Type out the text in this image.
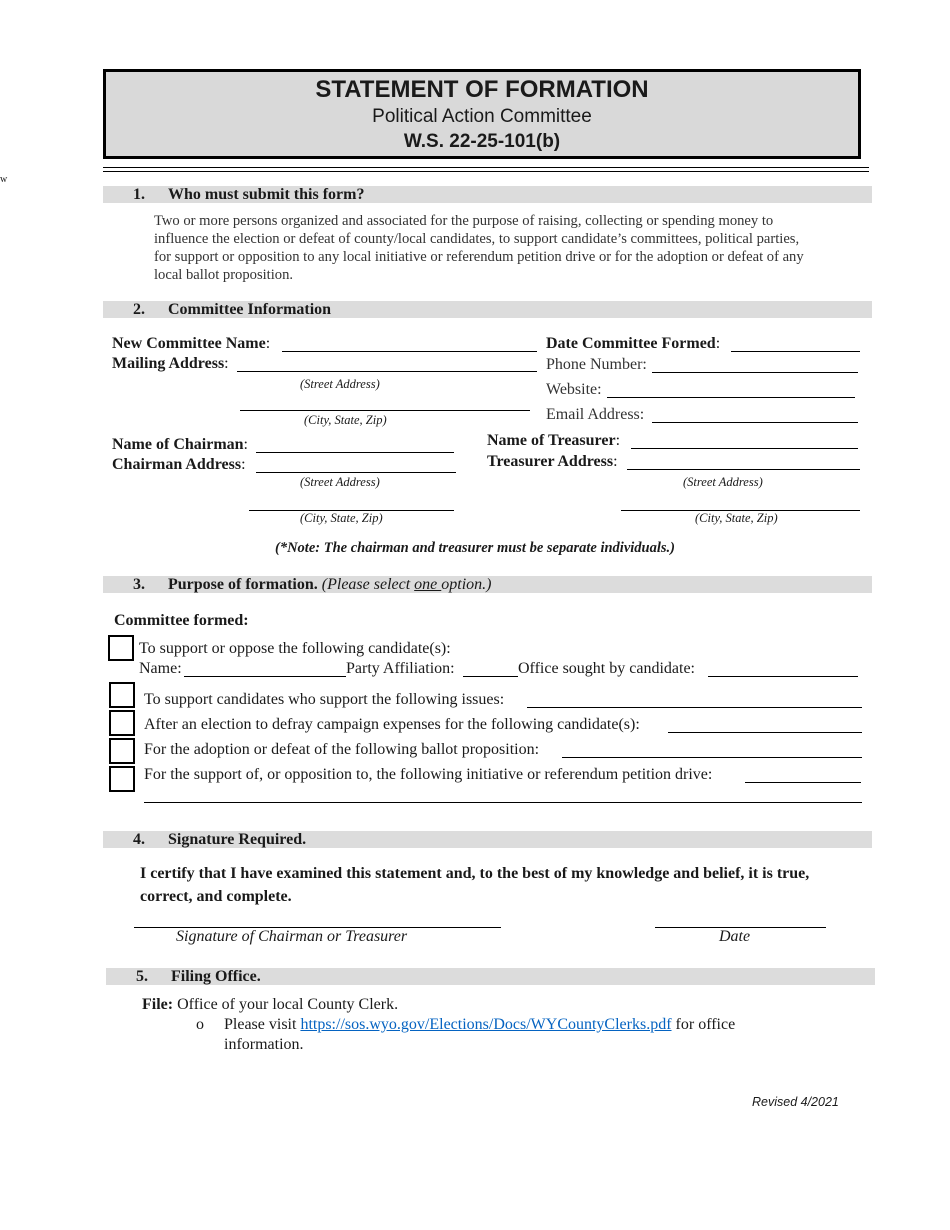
STATEMENT OF FORMATION
Political Action Committee
W.S. 22-25-101(b)
w
1. Who must submit this form?
Two or more persons organized and associated for the purpose of raising, collecting or spending money to influence the election or defeat of county/local candidates, to support candidate’s committees, political parties, for support or opposition to any local initiative or referendum petition drive or for the adoption or defeat of any local ballot proposition.
2. Committee Information
New Committee Name:
Mailing Address:
(Street Address)
(City, State, Zip)
Name of Chairman:
Chairman Address:
(Street Address)
(City, State, Zip)
Date Committee Formed:
Phone Number:
Website:
Email Address:
Name of Treasurer:
Treasurer Address:
(Street Address)
(City, State, Zip)
(*Note: The chairman and treasurer must be separate individuals.)
3. Purpose of formation. (Please select one option.)
Committee formed:
To support or oppose the following candidate(s):
Name:	Party Affiliation:	Office sought by candidate:
To support candidates who support the following issues:
After an election to defray campaign expenses for the following candidate(s):
For the adoption or defeat of the following ballot proposition:
For the support of, or opposition to, the following initiative or referendum petition drive:
4. Signature Required.
I certify that I have examined this statement and, to the best of my knowledge and belief, it is true, correct, and complete.
Signature of Chairman or Treasurer	Date
5. Filing Office.
File: Office of your local County Clerk.
o Please visit https://sos.wyo.gov/Elections/Docs/WYCountyClerks.pdf for office information.
Revised 4/2021
